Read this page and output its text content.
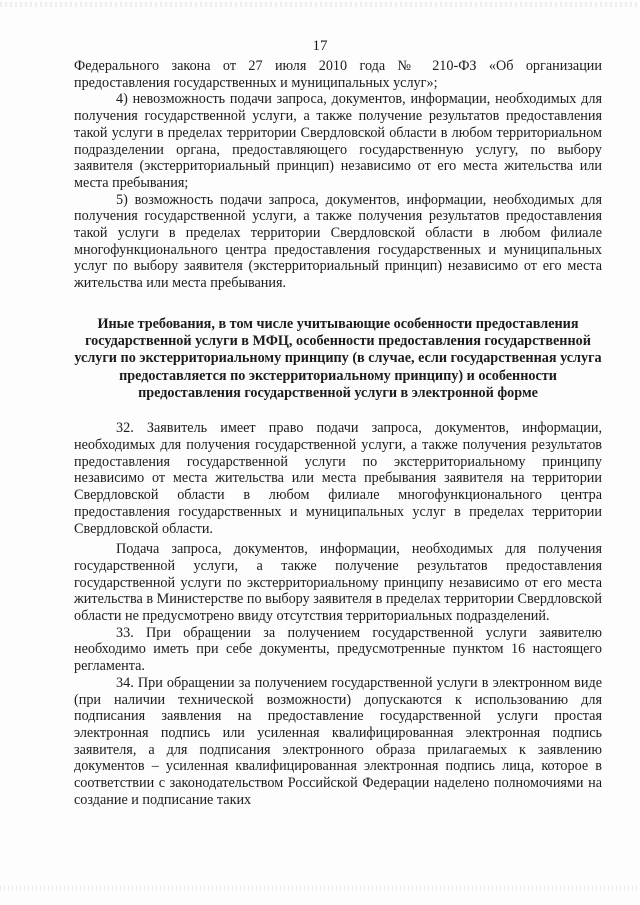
17

Федерального закона от 27 июля 2010 года № 210-ФЗ «Об организации предоставления государственных и муниципальных услуг»;

4) невозможность подачи запроса, документов, информации, необходимых для получения государственной услуги, а также получение результатов предоставления такой услуги в пределах территории Свердловской области в любом территориальном подразделении органа, предоставляющего государственную услугу, по выбору заявителя (экстерриториальный принцип) независимо от его места жительства или места пребывания;

5) возможность подачи запроса, документов, информации, необходимых для получения государственной услуги, а также получения результатов предоставления такой услуги в пределах территории Свердловской области в любом филиале многофункционального центра предоставления государственных и муниципальных услуг по выбору заявителя (экстерриториальный принцип) независимо от его места жительства или места пребывания.

Иные требования, в том числе учитывающие особенности предоставления государственной услуги в МФЦ, особенности предоставления государственной услуги по экстерриториальному принципу (в случае, если государственная услуга предоставляется по экстерриториальному принципу) и особенности предоставления государственной услуги в электронной форме

32. Заявитель имеет право подачи запроса, документов, информации, необходимых для получения государственной услуги, а также получения результатов предоставления государственной услуги по экстерриториальному принципу независимо от места жительства или места пребывания заявителя на территории Свердловской области в любом филиале многофункционального центра предоставления государственных и муниципальных услуг в пределах территории Свердловской области.

Подача запроса, документов, информации, необходимых для получения государственной услуги, а также получение результатов предоставления государственной услуги по экстерриториальному принципу независимо от его места жительства в Министерстве по выбору заявителя в пределах территории Свердловской области не предусмотрено ввиду отсутствия территориальных подразделений.

33. При обращении за получением государственной услуги заявителю необходимо иметь при себе документы, предусмотренные пунктом 16 настоящего регламента.

34. При обращении за получением государственной услуги в электронном виде (при наличии технической возможности) допускаются к использованию для подписания заявления на предоставление государственной услуги простая электронная подпись или усиленная квалифицированная электронная подпись заявителя, а для подписания электронного образа прилагаемых к заявлению документов – усиленная квалифицированная электронная подпись лица, которое в соответствии с законодательством Российской Федерации наделено полномочиями на создание и подписание таких
